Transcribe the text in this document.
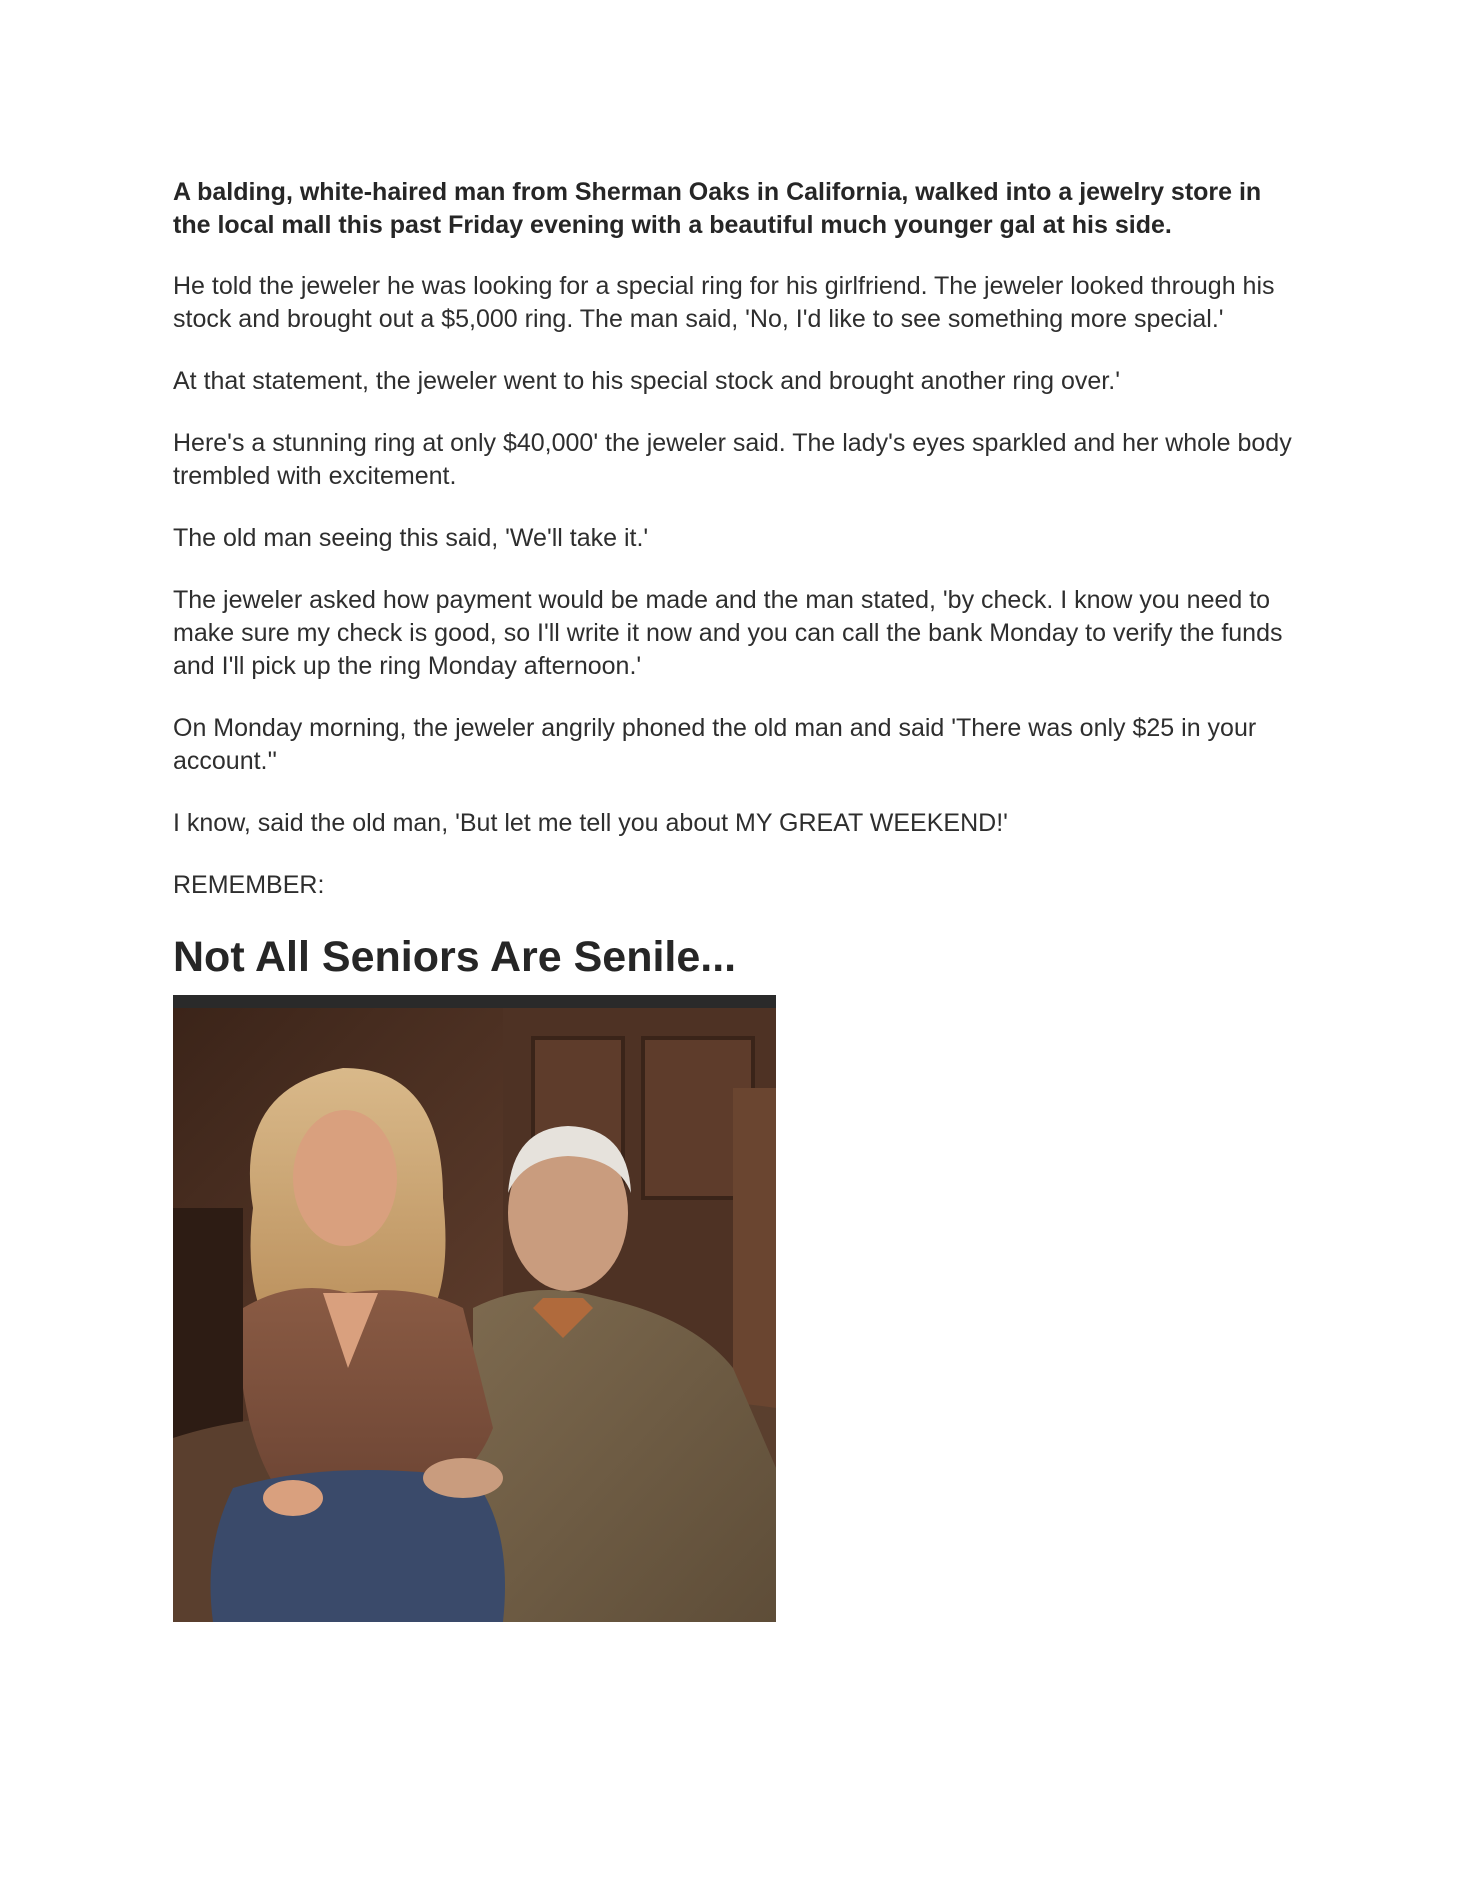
A balding, white-haired man from Sherman Oaks in California, walked into a jewelry store in the local mall this past Friday evening with a beautiful much younger gal at his side.

He told the jeweler he was looking for a special ring for his girlfriend. The jeweler looked through his stock and brought out a $5,000 ring. The man said, 'No, I'd like to see something more special.'

At that statement, the jeweler went to his special stock and brought another ring over.'

Here's a stunning ring at only $40,000' the jeweler said. The lady's eyes sparkled and her whole body trembled with excitement.

The old man seeing this said, 'We'll take it.'

The jeweler asked how payment would be made and the man stated, 'by check. I know you need to make sure my check is good, so I'll write it now and you can call the bank Monday to verify the funds and I'll pick up the ring Monday afternoon.'

On Monday morning, the jeweler angrily phoned the old man and said 'There was only $25 in your account.''

I know, said the old man, 'But let me tell you about MY GREAT WEEKEND!'

REMEMBER:

Not All Seniors Are Senile...
